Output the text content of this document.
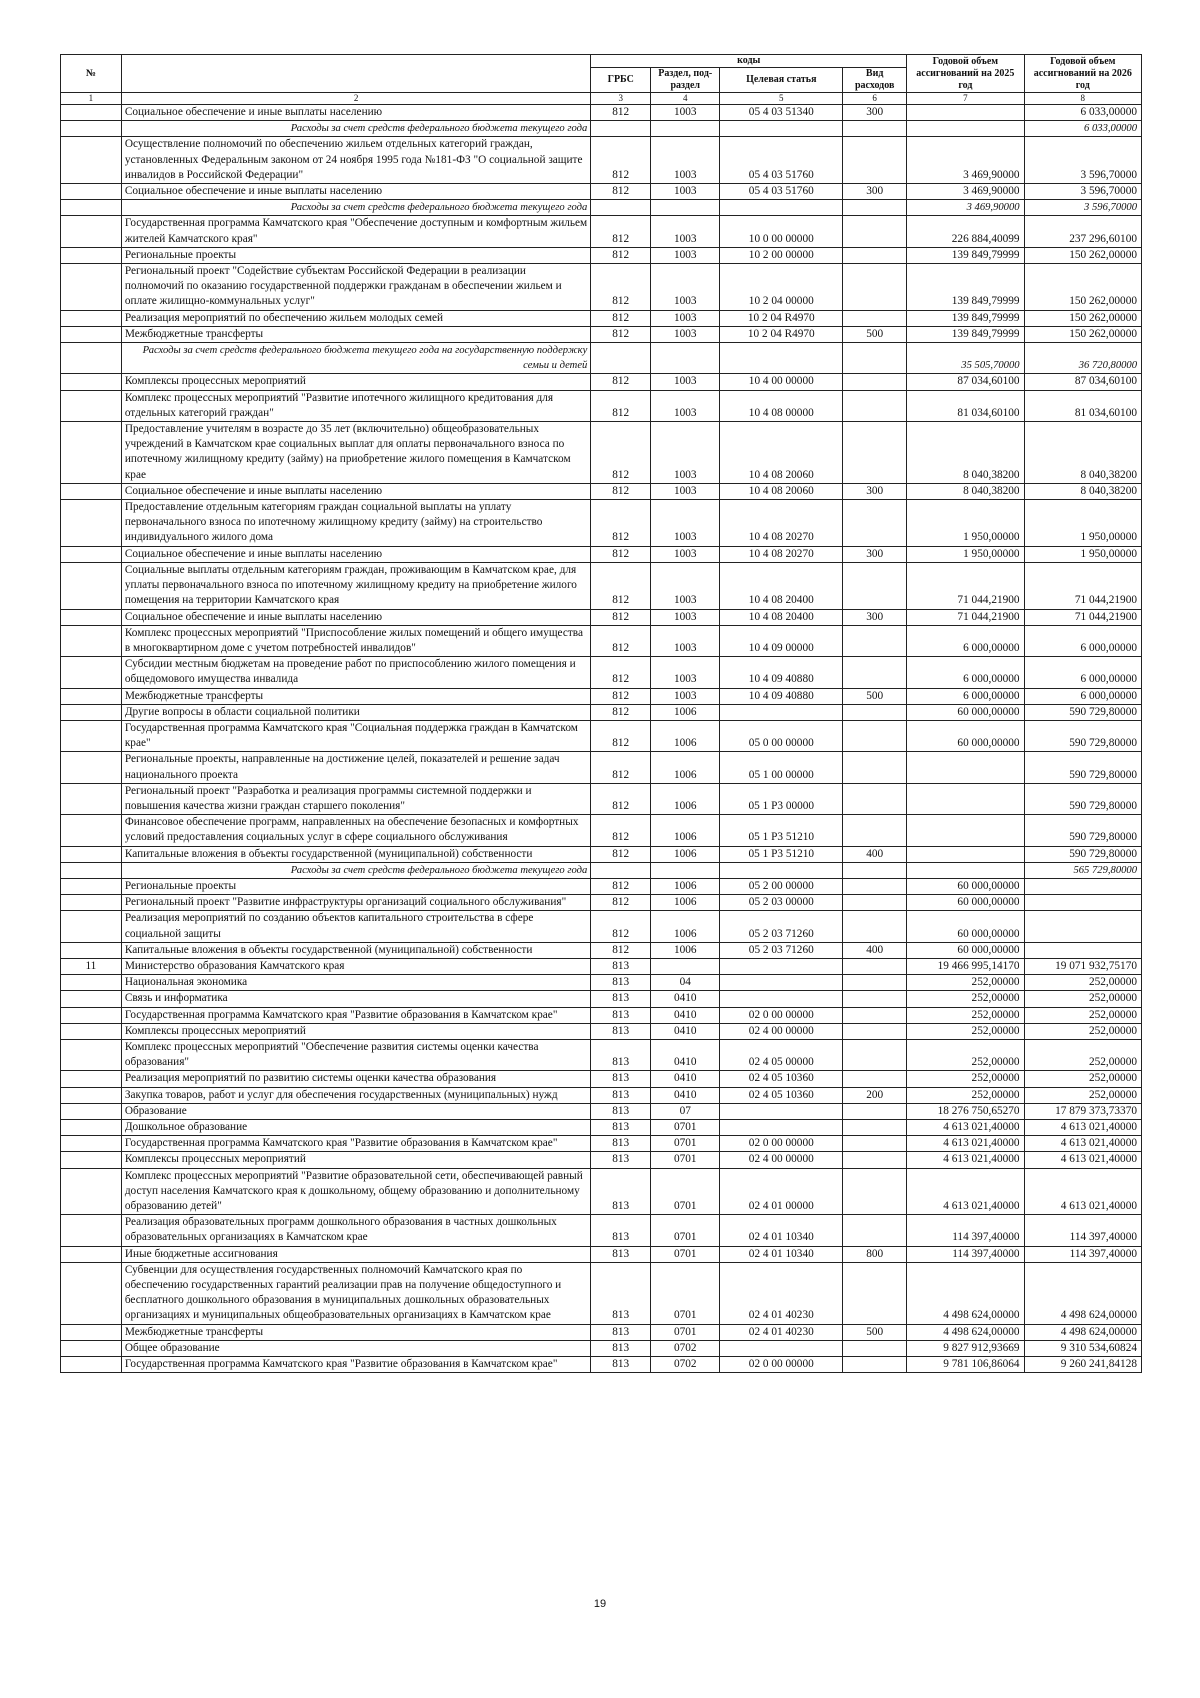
№		коды				Годовой объем ассигнований на 2025 год	Годовой объем ассигнований на 2026 год
		ГРБС	Раздел, под-раздел	Целевая статья	Вид расходов		
1	2	3	4	5	6	7	8
	Социальное обеспечение и иные выплаты населению	812	1003	05 4 03 51340	300		6 033,00000
	Расходы за счет средств федерального бюджета текущего года						6 033,00000
	Осуществление полномочий по обеспечению жильем отдельных категорий граждан, установленных Федеральным законом от 24 ноября 1995 года №181-ФЗ "О социальной защите инвалидов в Российской Федерации"	812	1003	05 4 03 51760		3 469,90000	3 596,70000
	Социальное обеспечение и иные выплаты населению	812	1003	05 4 03 51760	300	3 469,90000	3 596,70000
	Расходы за счет средств федерального бюджета текущего года					3 469,90000	3 596,70000
	Государственная программа Камчатского края "Обеспечение доступным и комфортным жильем жителей Камчатского края"	812	1003	10 0 00 00000		226 884,40099	237 296,60100
	Региональные проекты	812	1003	10 2 00 00000		139 849,79999	150 262,00000
	Региональный проект "Содействие субъектам Российской Федерации в реализации полномочий по оказанию государственной поддержки гражданам в обеспечении жильем и оплате жилищно-коммунальных услуг"	812	1003	10 2 04 00000		139 849,79999	150 262,00000
	Реализация мероприятий по обеспечению жильем молодых семей	812	1003	10 2 04 R4970		139 849,79999	150 262,00000
	Межбюджетные трансферты	812	1003	10 2 04 R4970	500	139 849,79999	150 262,00000
	Расходы за счет средств федерального бюджета текущего года на государственную поддержку семьи и детей					35 505,70000	36 720,80000
	Комплексы процессных мероприятий	812	1003	10 4 00 00000		87 034,60100	87 034,60100
	Комплекс процессных мероприятий "Развитие ипотечного жилищного кредитования для отдельных категорий граждан"	812	1003	10 4 08 00000		81 034,60100	81 034,60100
	Предоставление учителям в возрасте до 35 лет (включительно) общеобразовательных учреждений в Камчатском крае социальных выплат для оплаты первоначального взноса по ипотечному жилищному кредиту (займу) на приобретение жилого помещения в Камчатском крае	812	1003	10 4 08 20060		8 040,38200	8 040,38200
	Социальное обеспечение и иные выплаты населению	812	1003	10 4 08 20060	300	8 040,38200	8 040,38200
	Предоставление отдельным категориям граждан социальной выплаты на уплату первоначального взноса по ипотечному жилищному кредиту (займу) на строительство индивидуального жилого дома	812	1003	10 4 08 20270		1 950,00000	1 950,00000
	Социальное обеспечение и иные выплаты населению	812	1003	10 4 08 20270	300	1 950,00000	1 950,00000
	Социальные выплаты отдельным категориям граждан, проживающим в Камчатском крае, для уплаты первоначального взноса по ипотечному жилищному кредиту на приобретение жилого помещения на территории Камчатского края	812	1003	10 4 08 20400		71 044,21900	71 044,21900
	Социальное обеспечение и иные выплаты населению	812	1003	10 4 08 20400	300	71 044,21900	71 044,21900
	Комплекс процессных мероприятий "Приспособление жилых помещений и общего имущества в многоквартирном доме с учетом потребностей инвалидов"	812	1003	10 4 09 00000		6 000,00000	6 000,00000
	Субсидии местным бюджетам на проведение работ по приспособлению жилого помещения и общедомового имущества инвалида	812	1003	10 4 09 40880		6 000,00000	6 000,00000
	Межбюджетные трансферты	812	1003	10 4 09 40880	500	6 000,00000	6 000,00000
	Другие вопросы в области социальной политики	812	1006			60 000,00000	590 729,80000
	Государственная программа Камчатского края "Социальная поддержка граждан в Камчатском крае"	812	1006	05 0 00 00000		60 000,00000	590 729,80000
	Региональные проекты, направленные на достижение целей, показателей и решение задач национального проекта	812	1006	05 1 00 00000			590 729,80000
	Региональный проект "Разработка и реализация программы системной поддержки и повышения качества жизни граждан старшего поколения"	812	1006	05 1 P3 00000			590 729,80000
	Финансовое обеспечение программ, направленных на обеспечение безопасных и комфортных условий предоставления социальных услуг в сфере социального обслуживания	812	1006	05 1 P3 51210			590 729,80000
	Капитальные вложения в объекты государственной (муниципальной) собственности	812	1006	05 1 P3 51210	400		590 729,80000
	Расходы за счет средств федерального бюджета текущего года						565 729,80000
	Региональные проекты	812	1006	05 2 00 00000		60 000,00000	
	Региональный проект "Развитие инфраструктуры организаций социального обслуживания"	812	1006	05 2 03 00000		60 000,00000	
	Реализация мероприятий по созданию объектов капитального строительства в сфере социальной защиты	812	1006	05 2 03 71260		60 000,00000	
	Капитальные вложения в объекты государственной (муниципальной) собственности	812	1006	05 2 03 71260	400	60 000,00000	
11	Министерство образования Камчатского края	813				19 466 995,14170	19 071 932,75170
	Национальная экономика	813	04			252,00000	252,00000
	Связь и информатика	813	0410			252,00000	252,00000
	Государственная программа Камчатского края "Развитие образования в Камчатском крае"	813	0410	02 0 00 00000		252,00000	252,00000
	Комплексы процессных мероприятий	813	0410	02 4 00 00000		252,00000	252,00000
	Комплекс процессных мероприятий "Обеспечение развития системы оценки качества образования"	813	0410	02 4 05 00000		252,00000	252,00000
	Реализация мероприятий по развитию системы оценки качества образования	813	0410	02 4 05 10360		252,00000	252,00000
	Закупка товаров, работ и услуг для обеспечения государственных (муниципальных) нужд	813	0410	02 4 05 10360	200	252,00000	252,00000
	Образование	813	07			18 276 750,65270	17 879 373,73370
	Дошкольное образование	813	0701			4 613 021,40000	4 613 021,40000
	Государственная программа Камчатского края "Развитие образования в Камчатском крае"	813	0701	02 0 00 00000		4 613 021,40000	4 613 021,40000
	Комплексы процессных мероприятий	813	0701	02 4 00 00000		4 613 021,40000	4 613 021,40000
	Комплекс процессных мероприятий "Развитие образовательной сети, обеспечивающей равный доступ населения Камчатского края к дошкольному, общему образованию и дополнительному образованию детей"	813	0701	02 4 01 00000		4 613 021,40000	4 613 021,40000
	Реализация образовательных программ дошкольного образования в частных дошкольных образовательных организациях в Камчатском крае	813	0701	02 4 01 10340		114 397,40000	114 397,40000
	Иные бюджетные ассигнования	813	0701	02 4 01 10340	800	114 397,40000	114 397,40000
	Субвенции для осуществления государственных полномочий Камчатского края по обеспечению государственных гарантий реализации прав на получение общедоступного и бесплатного дошкольного образования в муниципальных дошкольных образовательных организациях и муниципальных общеобразовательных организациях в Камчатском крае	813	0701	02 4 01 40230		4 498 624,00000	4 498 624,00000
	Межбюджетные трансферты	813	0701	02 4 01 40230	500	4 498 624,00000	4 498 624,00000
	Общее образование	813	0702			9 827 912,93669	9 310 534,60824
	Государственная программа Камчатского края "Развитие образования в Камчатском крае"	813	0702	02 0 00 00000		9 781 106,86064	9 260 241,84128
19
